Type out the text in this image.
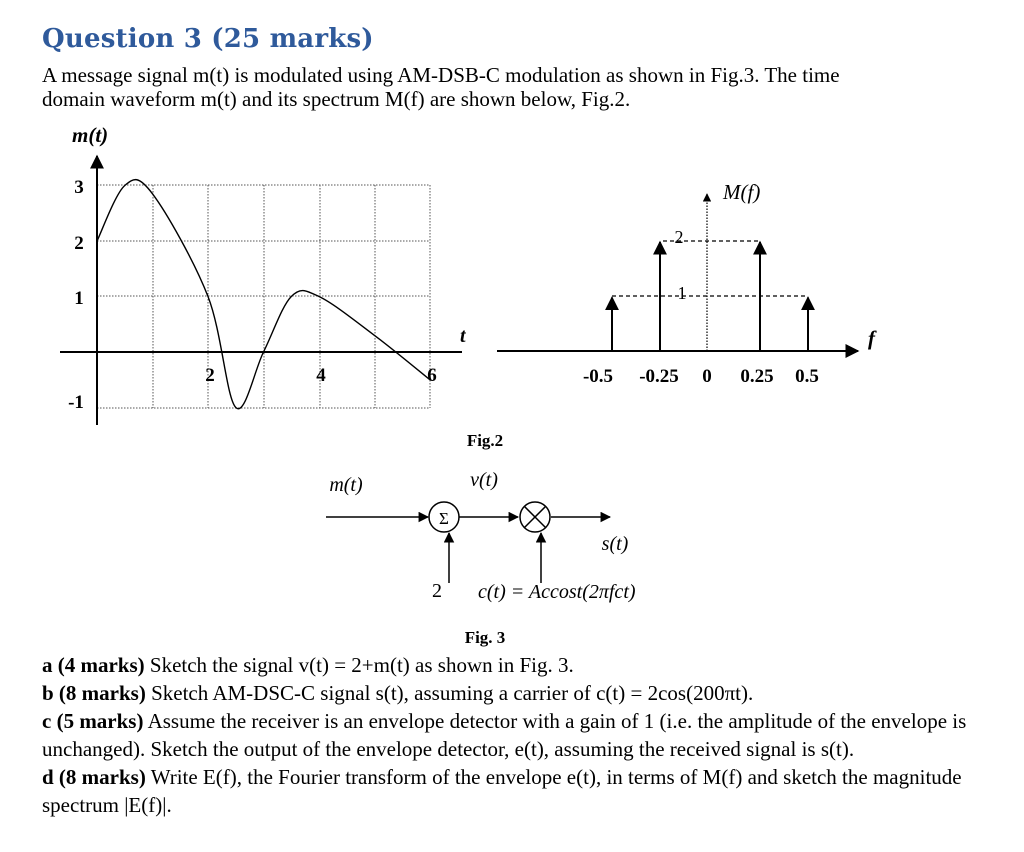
Question 3 (25 marks)
A message signal m(t) is modulated using AM-DSB-C modulation as shown in Fig.3. The time
domain waveform m(t) and its spectrum M(f) are shown below, Fig.2.
m(t)
t
3
2
1
-1
2	4	6
M(f)
f
2
1
-0.5 -0.25 0 0.25 0.5
Fig.2
m(t)
Σ
2
v(t)
×
c(t) = Accost(2πfct)
s(t)
Fig. 3

a (4 marks) Sketch the signal v(t) = 2+m(t) as shown in Fig. 3.

b (8 marks) Sketch AM-DSC-C signal s(t), assuming a carrier of c(t) = 2cos(200πt).

c (5 marks) Assume the receiver is an envelope detector with a gain of 1 (i.e. the amplitude of the envelope is unchanged). Sketch the output of the envelope detector, e(t), assuming the received signal is s(t).

d (8 marks) Write E(f), the Fourier transform of the envelope e(t), in terms of M(f) and sketch the magnitude spectrum |E(f)|.
